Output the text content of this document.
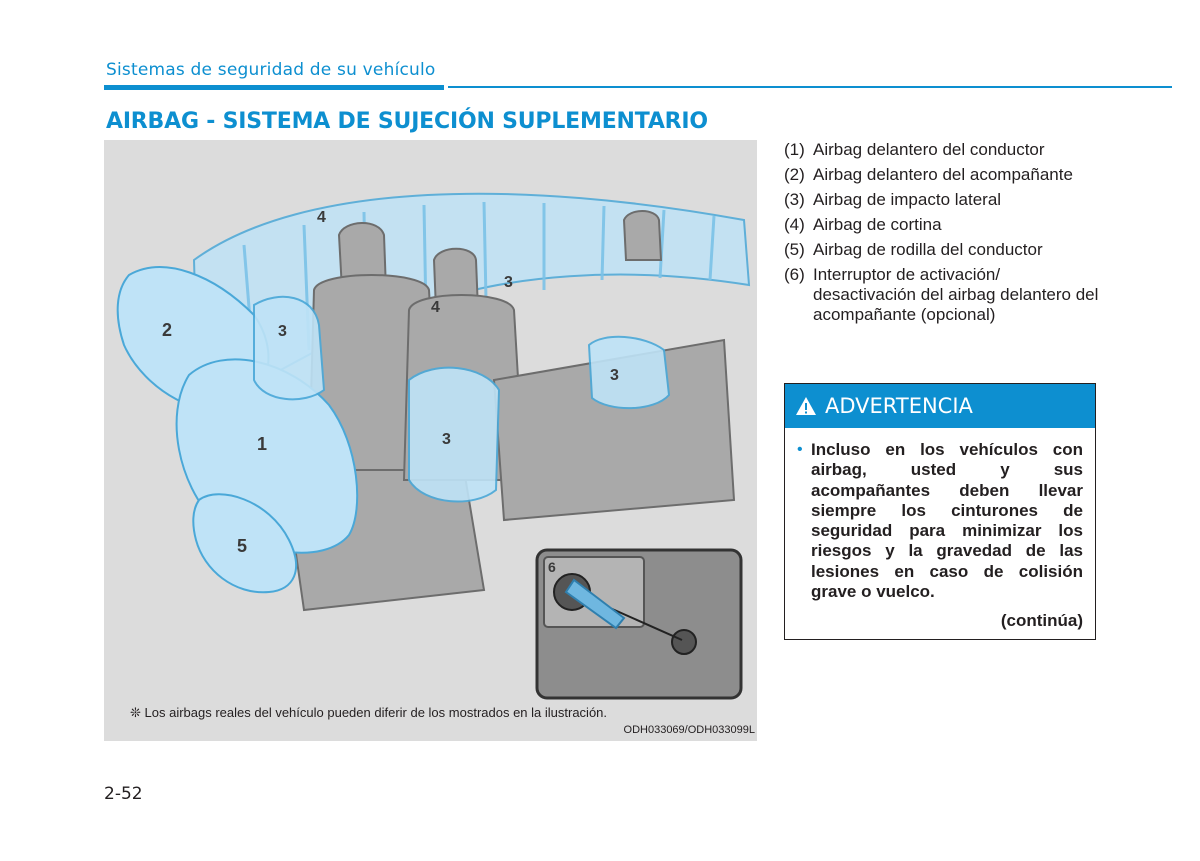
Sistemas de seguridad de su vehículo
AIRBAG - SISTEMA DE SUJECIÓN SUPLEMENTARIO
1
2	3
3
3
3
4
4
5
6
❊ Los airbags reales del vehículo pueden diferir de los mostrados en la ilustración.
ODH033069/ODH033099L
(1) Airbag delantero del conductor
(2) Airbag delantero del acompañante
(3) Airbag de impacto lateral
(4) Airbag de cortina
(5) Airbag de rodilla del conductor
(6) Interruptor de activación/ desactivación del airbag delantero del acompañante (opcional)
ADVERTENCIA
• Incluso en los vehículos con airbag, usted y sus acompañantes deben llevar siempre los cinturones de seguridad para minimizar los riesgos y la gravedad de las lesiones en caso de colisión grave o vuelco.
(continúa)
2-52
